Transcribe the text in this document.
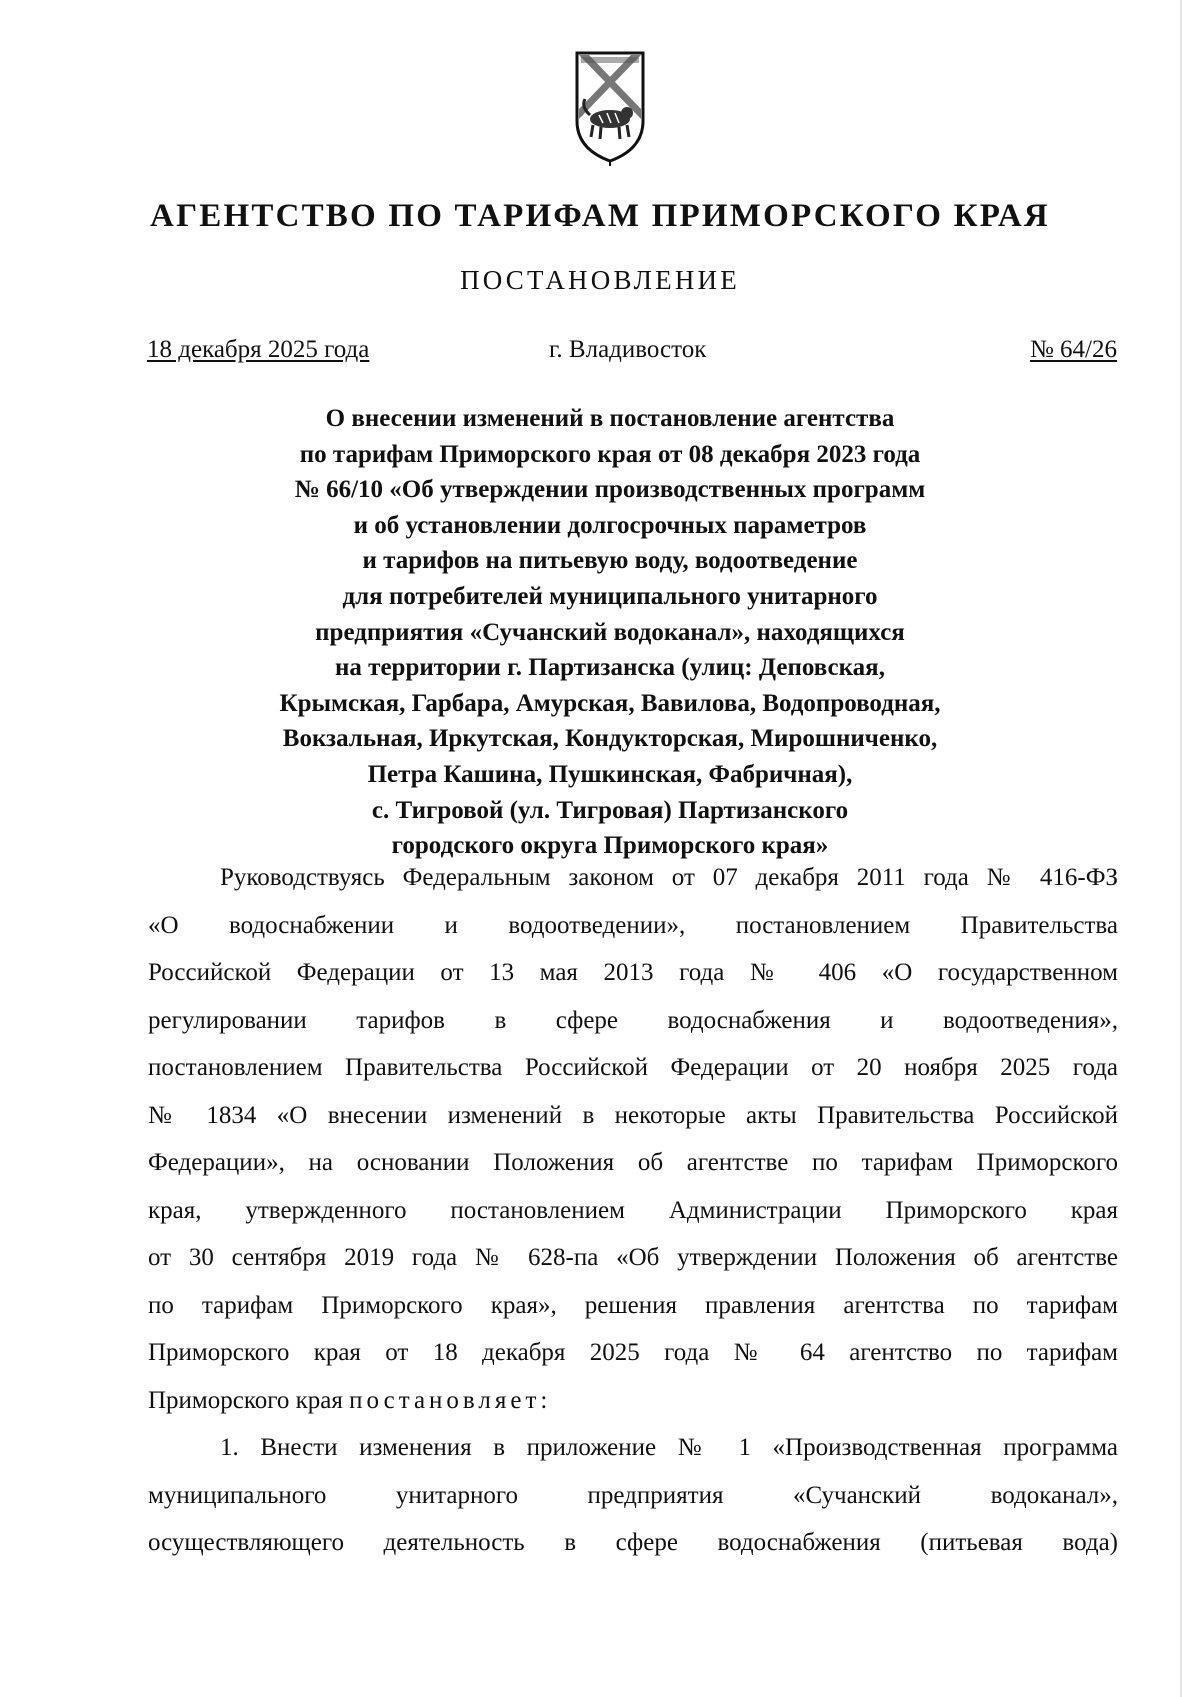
АГЕНТСТВО ПО ТАРИФАМ ПРИМОРСКОГО КРАЯ
ПОСТАНОВЛЕНИЕ
18 декабря 2025 года	г. Владивосток	№ 64/26
О внесении изменений в постановление агентства
по тарифам Приморского края от 08 декабря 2023 года
№ 66/10 «Об утверждении производственных программ
и об установлении долгосрочных параметров
и тарифов на питьевую воду, водоотведение
для потребителей муниципального унитарного
предприятия «Сучанский водоканал», находящихся
на территории г. Партизанска (улиц: Деповская,
Крымская, Гарбара, Амурская, Вавилова, Водопроводная,
Вокзальная, Иркутская, Кондукторская, Мирошниченко,
Петра Кашина, Пушкинская, Фабричная),
с. Тигровой (ул. Тигровая) Партизанского
городского округа Приморского края»
Руководствуясь Федеральным законом от 07 декабря 2011 года № 416-ФЗ
«О водоснабжении и водоотведении», постановлением Правительства
Российской Федерации от 13 мая 2013 года № 406 «О государственном
регулировании тарифов в сфере водоснабжения и водоотведения»,
постановлением Правительства Российской Федерации от 20 ноября 2025 года
№ 1834 «О внесении изменений в некоторые акты Правительства Российской
Федерации», на основании Положения об агентстве по тарифам Приморского
края, утвержденного постановлением Администрации Приморского края
от 30 сентября 2019 года № 628-па «Об утверждении Положения об агентстве
по тарифам Приморского края», решения правления агентства по тарифам
Приморского края от 18 декабря 2025 года № 64 агентство по тарифам
Приморского края постановляет:
1. Внести изменения в приложение № 1 «Производственная программа
муниципального унитарного предприятия «Сучанский водоканал»,
осуществляющего деятельность в сфере водоснабжения (питьевая вода)
